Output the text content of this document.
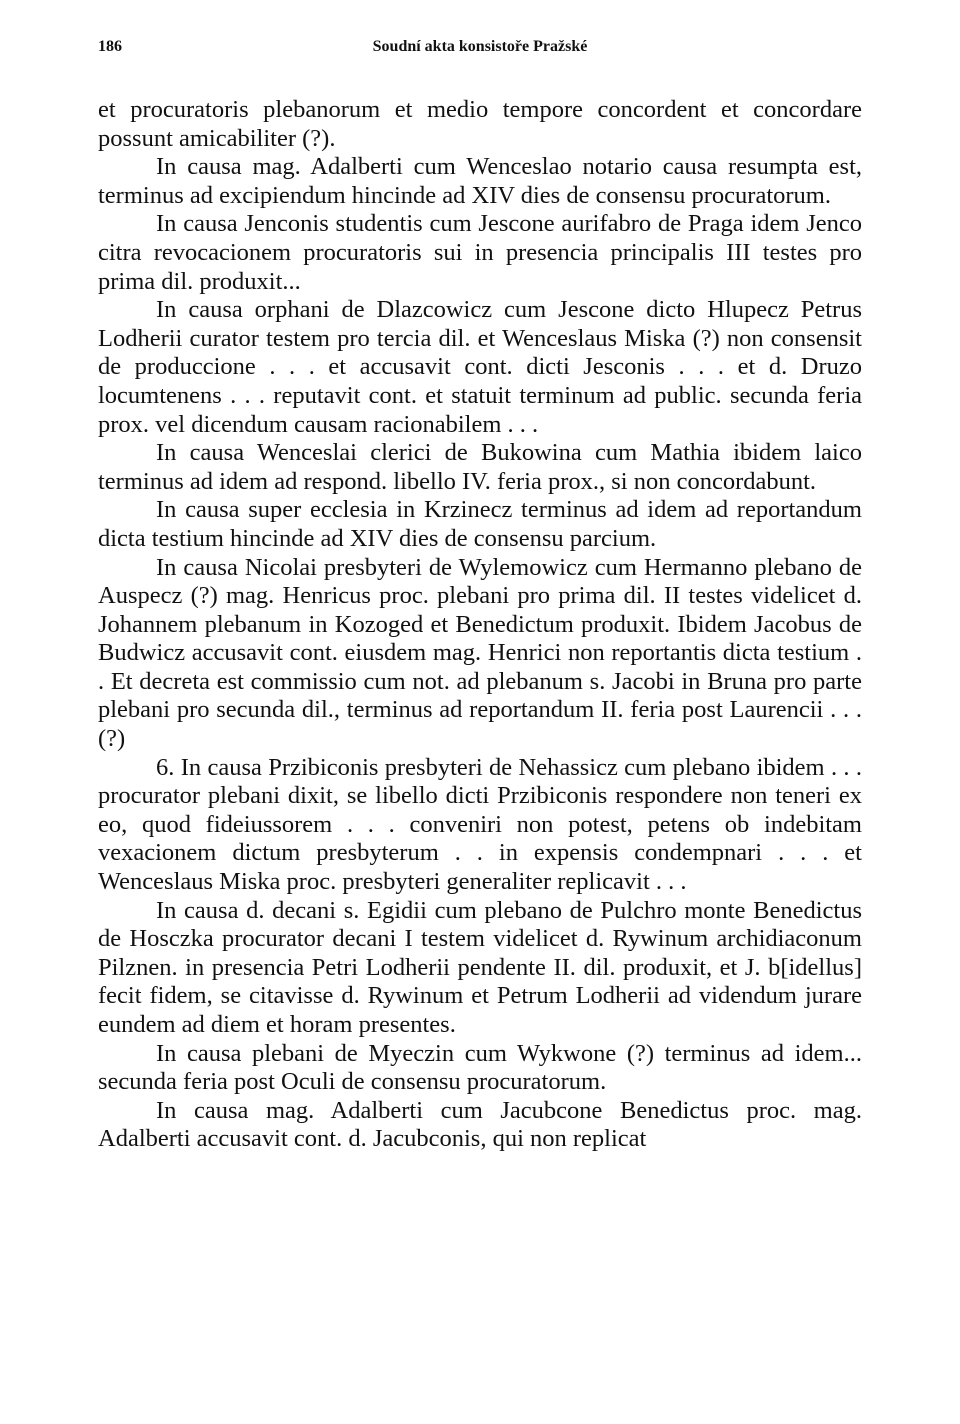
186	Soudní akta konsistoře Pražské

et procuratoris plebanorum et medio tempore concordent et concordare possunt amicabiliter (?).

In causa mag. Adalberti cum Wenceslao notario causa resumpta est, terminus ad excipiendum hincinde ad XIV dies de consensu procuratorum.

In causa Jenconis studentis cum Jescone aurifabro de Praga idem Jenco citra revocacionem procuratoris sui in presencia principalis III testes pro prima dil. produxit...

In causa orphani de Dlazcowicz cum Jescone dicto Hlupecz Petrus Lodherii curator testem pro tercia dil. et Wenceslaus Miska (?) non consensit de produccione . . . et accusavit cont. dicti Jesconis . . . et d. Druzo locumtenens . . . reputavit cont. et statuit terminum ad public. secunda feria prox. vel dicendum causam racionabilem . . .

In causa Wenceslai clerici de Bukowina cum Mathia ibidem laico terminus ad idem ad respond. libello IV. feria prox., si non concordabunt.

In causa super ecclesia in Krzinecz terminus ad idem ad reportandum dicta testium hincinde ad XIV dies de consensu parcium.

In causa Nicolai presbyteri de Wylemowicz cum Hermanno plebano de Auspecz (?) mag. Henricus proc. plebani pro prima dil. II testes videlicet d. Johannem plebanum in Kozoged et Benedictum produxit. Ibidem Jacobus de Budwicz accusavit cont. eiusdem mag. Henrici non reportantis dicta testium . . Et decreta est commissio cum not. ad plebanum s. Jacobi in Bruna pro parte plebani pro secunda dil., terminus ad reportandum II. feria post Laurencii . . . (?)

6. In causa Przibiconis presbyteri de Nehassicz cum plebano ibidem . . . procurator plebani dixit, se libello dicti Przibiconis respondere non teneri ex eo, quod fideiussorem . . . conveniri non potest, petens ob indebitam vexacionem dictum presbyterum . . in expensis condempnari . . . et Wenceslaus Miska proc. presbyteri generaliter replicavit . . .

In causa d. decani s. Egidii cum plebano de Pulchro monte Benedictus de Hosczka procurator decani I testem videlicet d. Rywinum archidiaconum Pilznen. in presencia Petri Lodherii pendente II. dil. produxit, et J. b[idellus] fecit fidem, se citavisse d. Rywinum et Petrum Lodherii ad videndum jurare eundem ad diem et horam presentes.

In causa plebani de Myeczin cum Wykwone (?) terminus ad idem... secunda feria post Oculi de consensu procuratorum.

In causa mag. Adalberti cum Jacubcone Benedictus proc. mag. Adalberti accusavit cont. d. Jacubconis, qui non replicat
